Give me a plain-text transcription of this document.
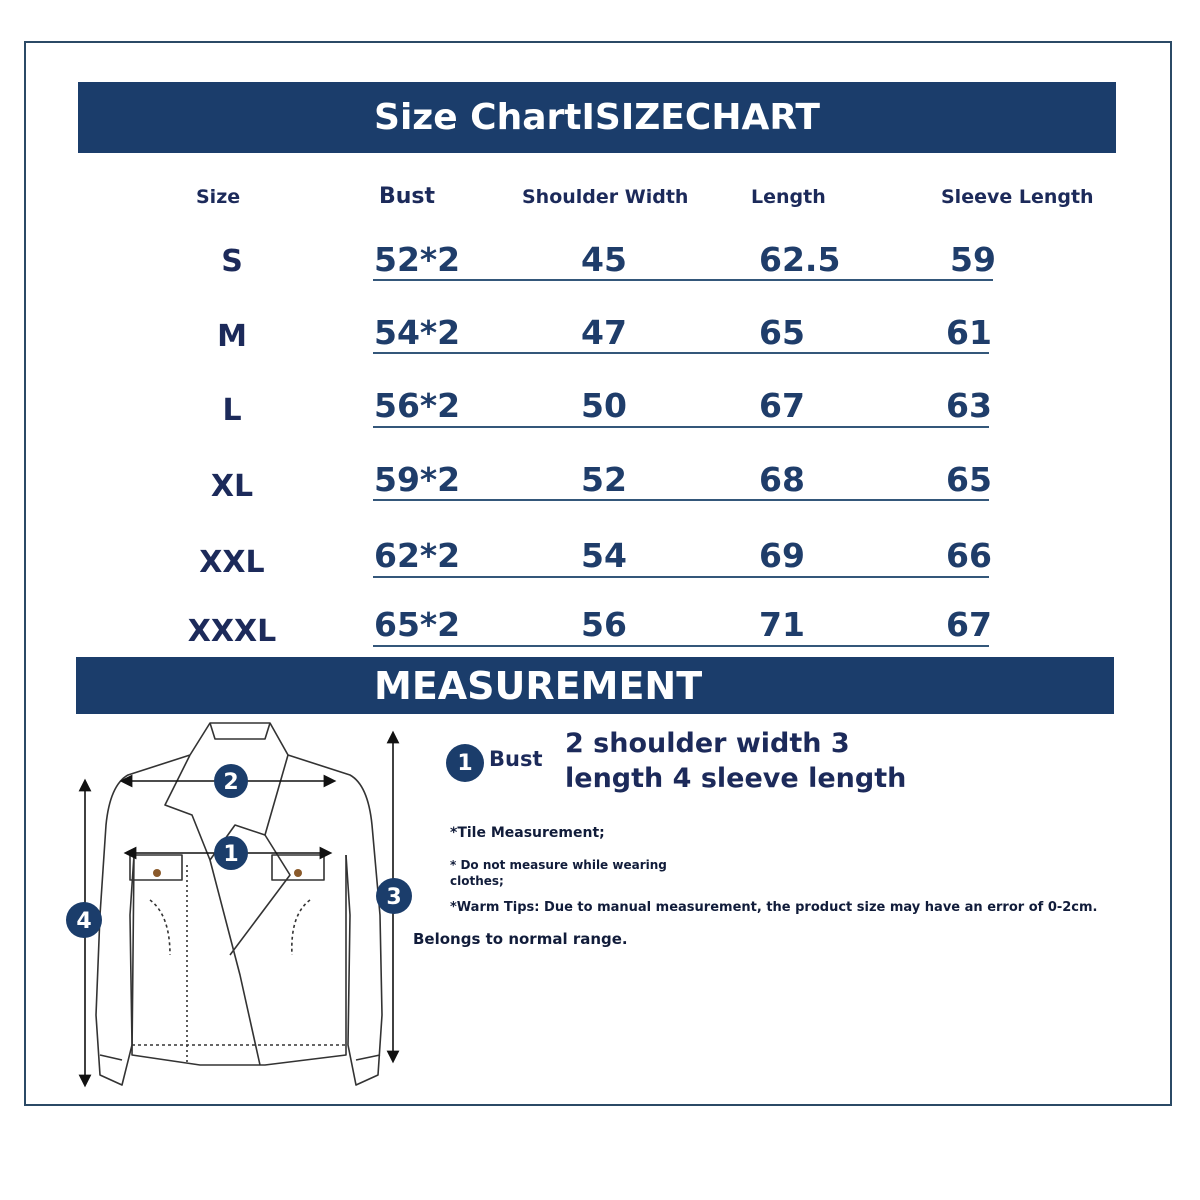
Size ChartISIZECHART
Size	Bust	Shoulder Width	Length	Sleeve Length
S	52*2	45	62.5	59
M	54*2	47	65	61
L	56*2	50	67	63
XL	59*2	52	68	65
XXL	62*2	54	69	66
XXXL	65*2	56	71	67
MEASUREMENT
2
1
4
3
1 Bust 2 shoulder width 3
length 4 sleeve length
*Tile Measurement;
* Do not measure while wearing
clothes;
*Warm Tips: Due to manual measurement, the product size may have an error of 0-2cm.
Belongs to normal range.
